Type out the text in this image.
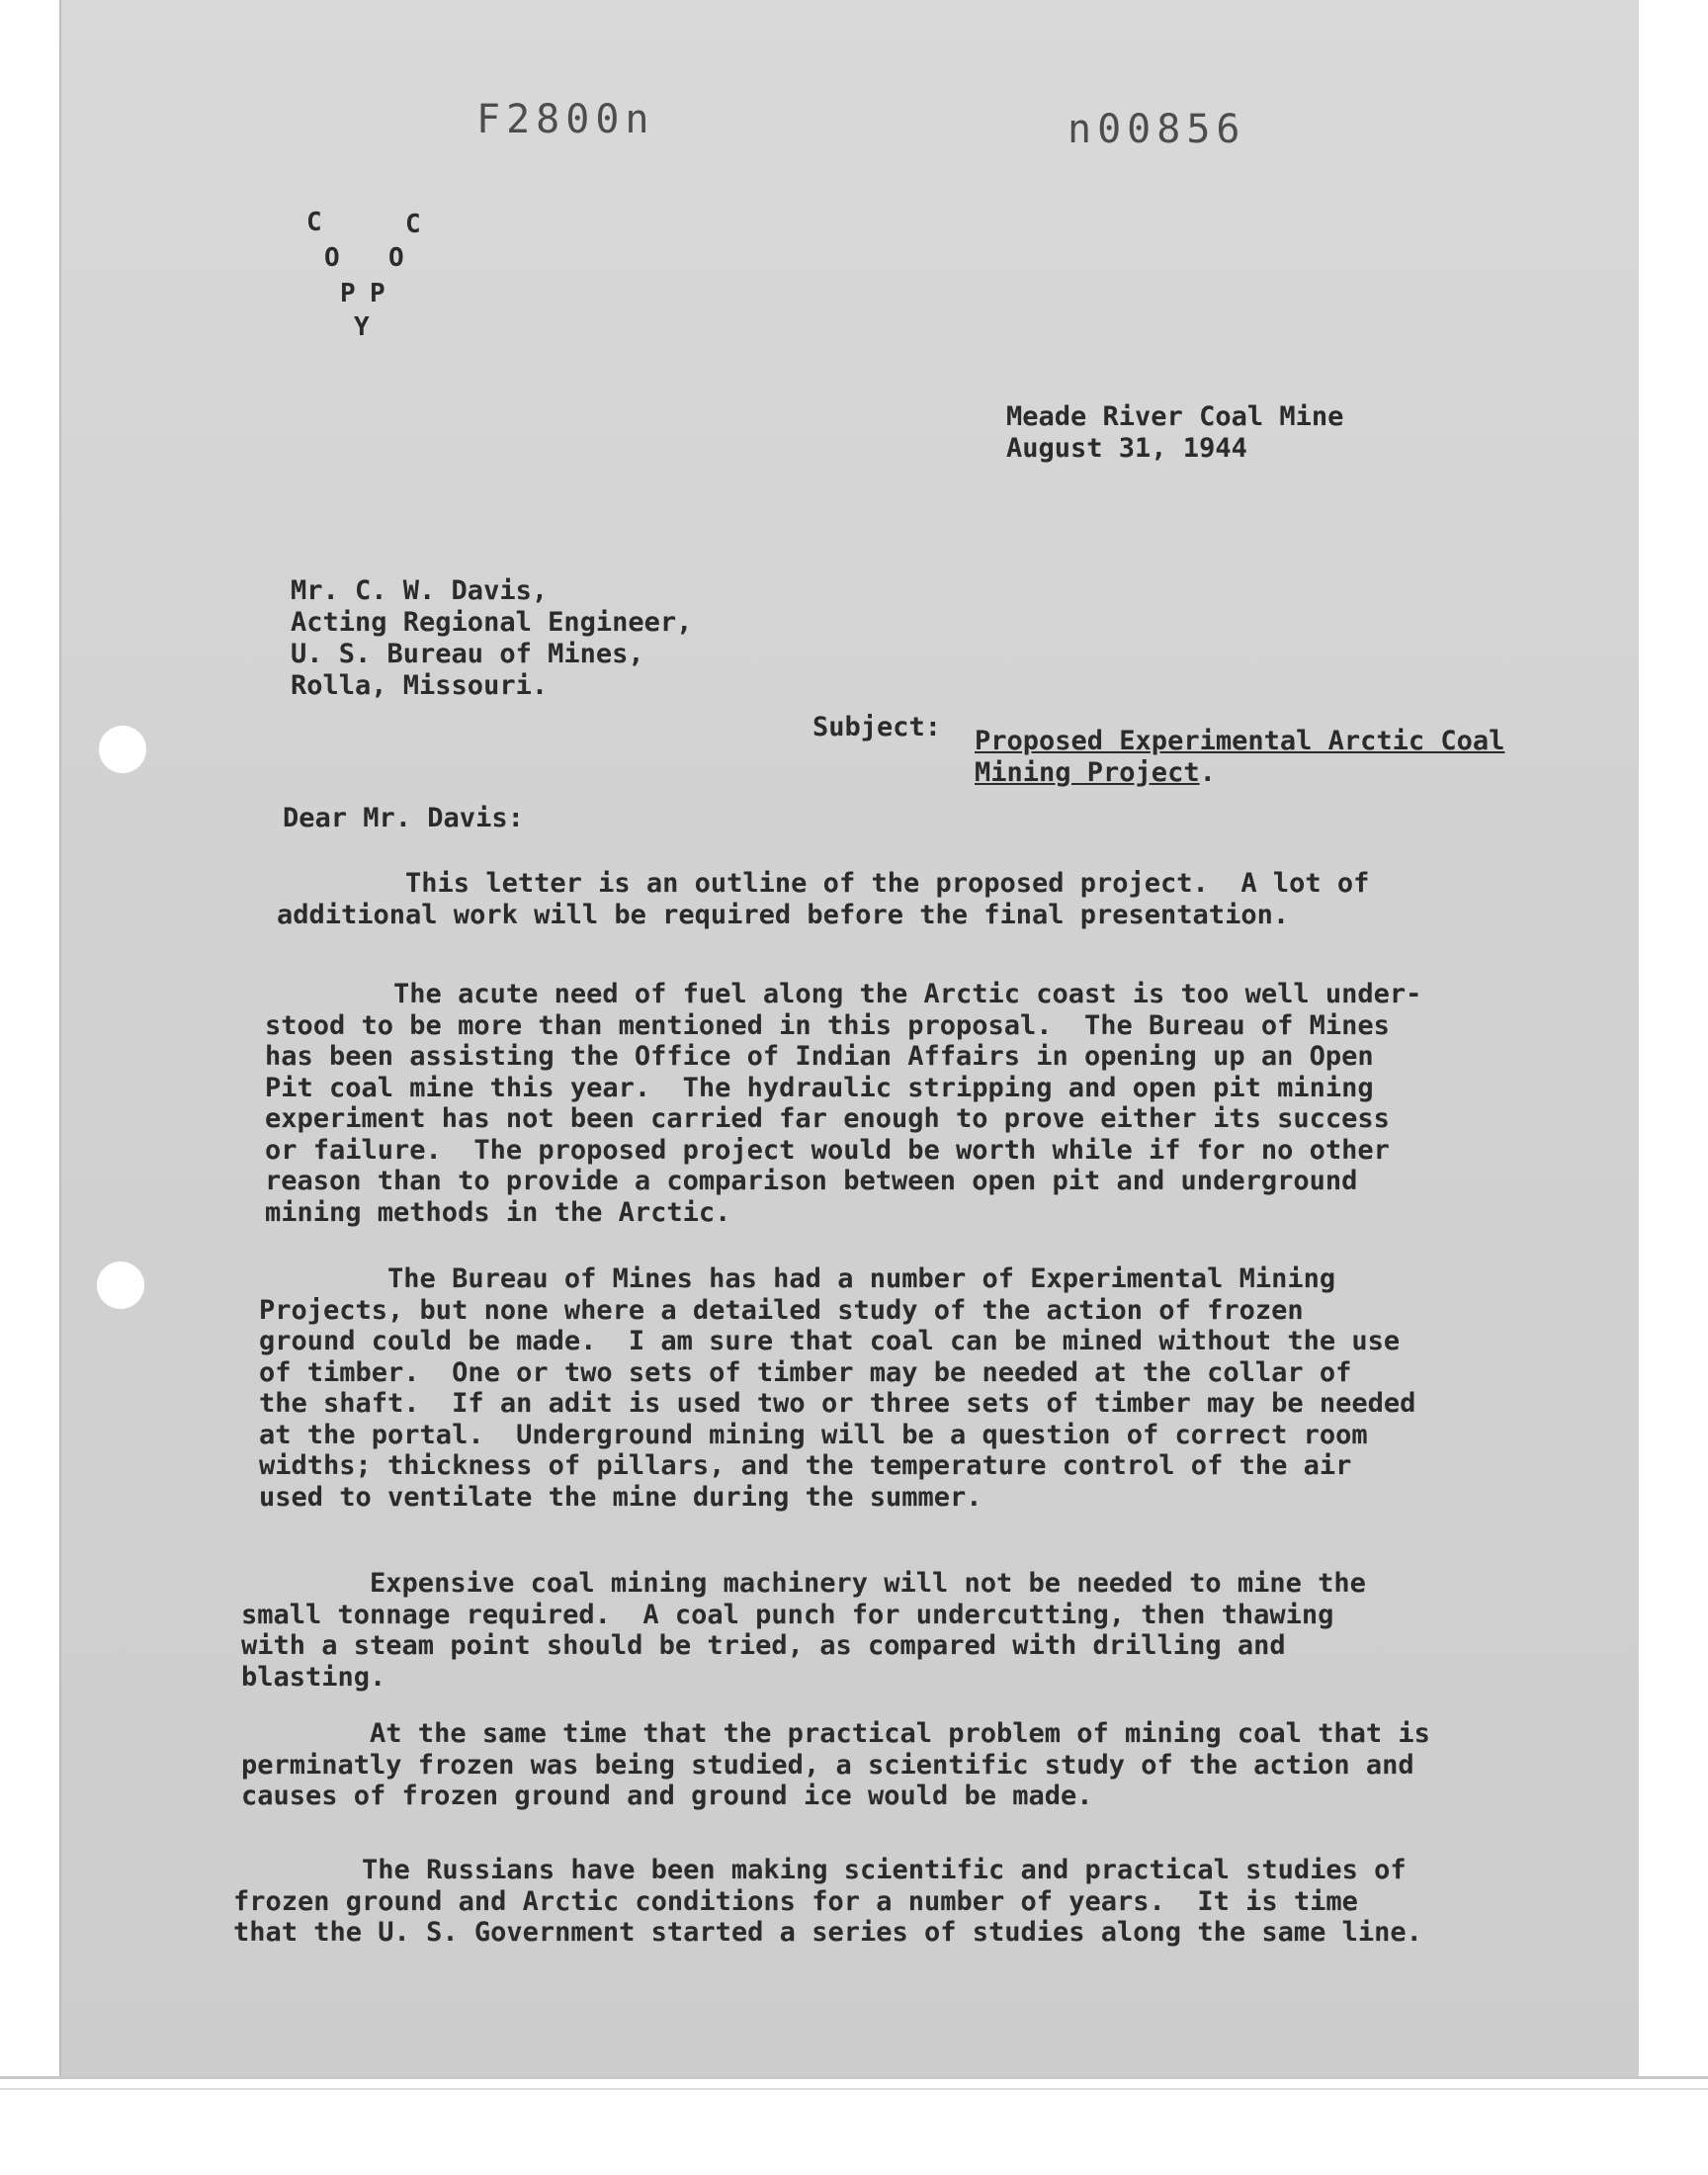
F2800n	n00856
C	C
O O
P P
Y
Meade River Coal Mine
August 31, 1944
Mr. C. W. Davis,
Acting Regional Engineer,
U. S. Bureau of Mines,
Rolla, Missouri.
Subject: Proposed Experimental Arctic Coal
Mining Project.
Dear Mr. Davis:
This letter is an outline of the proposed project.  A lot of
additional work will be required before the final presentation.
The acute need of fuel along the Arctic coast is too well under-
stood to be more than mentioned in this proposal.  The Bureau of Mines
has been assisting the Office of Indian Affairs in opening up an Open
Pit coal mine this year.  The hydraulic stripping and open pit mining
experiment has not been carried far enough to prove either its success
or failure.  The proposed project would be worth while if for no other
reason than to provide a comparison between open pit and underground
mining methods in the Arctic.
The Bureau of Mines has had a number of Experimental Mining
Projects, but none where a detailed study of the action of frozen
ground could be made.  I am sure that coal can be mined without the use
of timber.  One or two sets of timber may be needed at the collar of
the shaft.  If an adit is used two or three sets of timber may be needed
at the portal.  Underground mining will be a question of correct room
widths; thickness of pillars, and the temperature control of the air
used to ventilate the mine during the summer.
Expensive coal mining machinery will not be needed to mine the
small tonnage required.  A coal punch for undercutting, then thawing
with a steam point should be tried, as compared with drilling and
blasting.
At the same time that the practical problem of mining coal that is
perminatly frozen was being studied, a scientific study of the action and
causes of frozen ground and ground ice would be made.
The Russians have been making scientific and practical studies of
frozen ground and Arctic conditions for a number of years.  It is time
that the U. S. Government started a series of studies along the same line.
